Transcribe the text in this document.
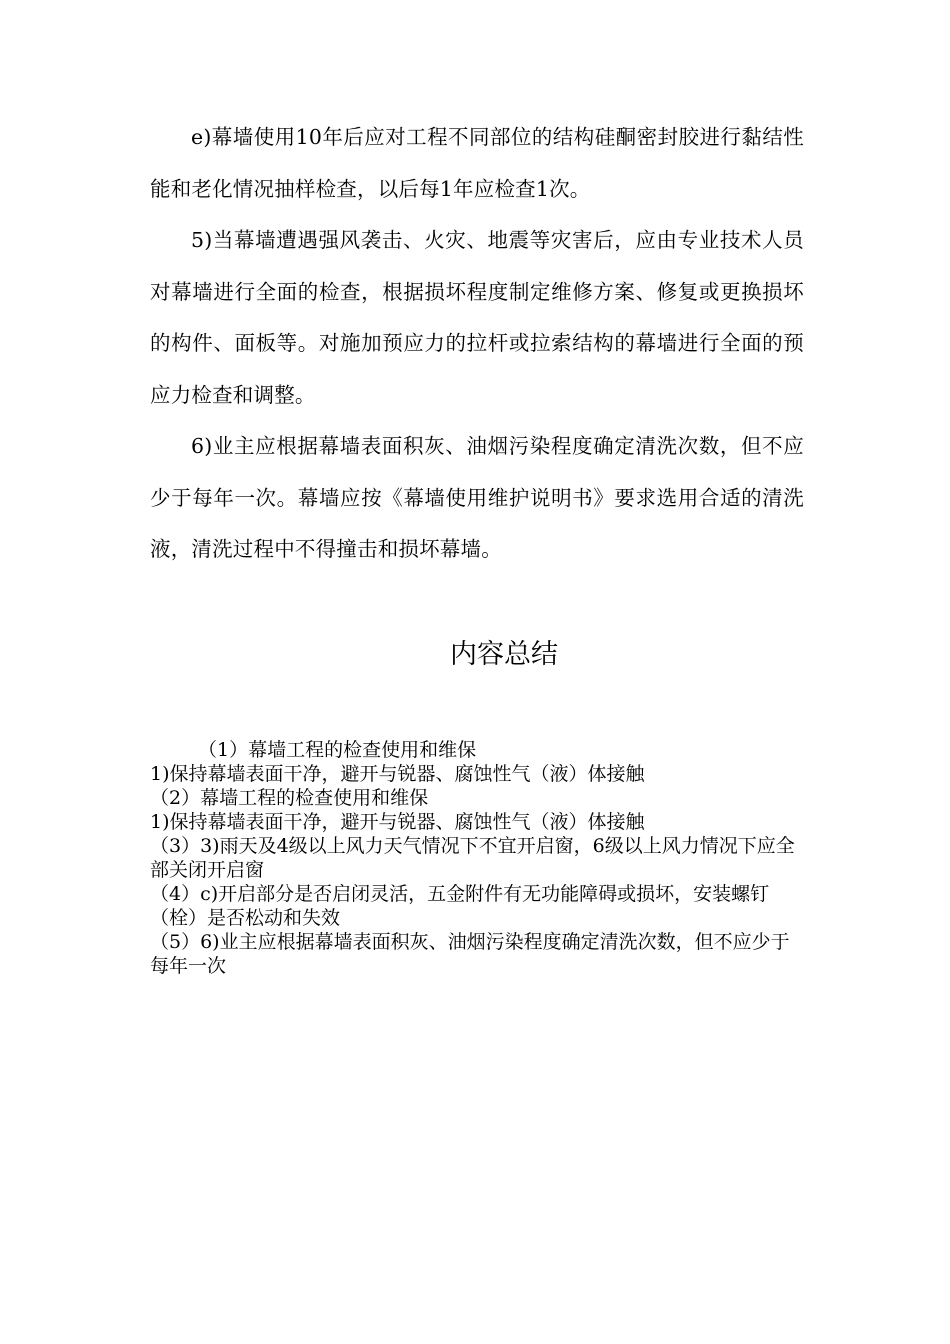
e)幕墙使用10年后应对工程不同部位的结构硅酮密封胶进行黏结性能和老化情况抽样检查，以后每1年应检查1次。

5)当幕墙遭遇强风袭击、火灾、地震等灾害后，应由专业技术人员对幕墙进行全面的检查，根据损坏程度制定维修方案、修复或更换损坏的构件、面板等。对施加预应力的拉杆或拉索结构的幕墙进行全面的预应力检查和调整。

6)业主应根据幕墙表面积灰、油烟污染程度确定清洗次数，但不应少于每年一次。幕墙应按《幕墙使用维护说明书》要求选用合适的清洗液，清洗过程中不得撞击和损坏幕墙。

内容总结

（1）幕墙工程的检查使用和维保

1)保持幕墙表面干净，避开与锐器、腐蚀性气（液）体接触

（2）幕墙工程的检查使用和维保

1)保持幕墙表面干净，避开与锐器、腐蚀性气（液）体接触

（3）3)雨天及4级以上风力天气情况下不宜开启窗，6级以上风力情况下应全部关闭开启窗

（4）c)开启部分是否启闭灵活，五金附件有无功能障碍或损坏，安装螺钉（栓）是否松动和失效

（5）6)业主应根据幕墙表面积灰、油烟污染程度确定清洗次数，但不应少于每年一次
